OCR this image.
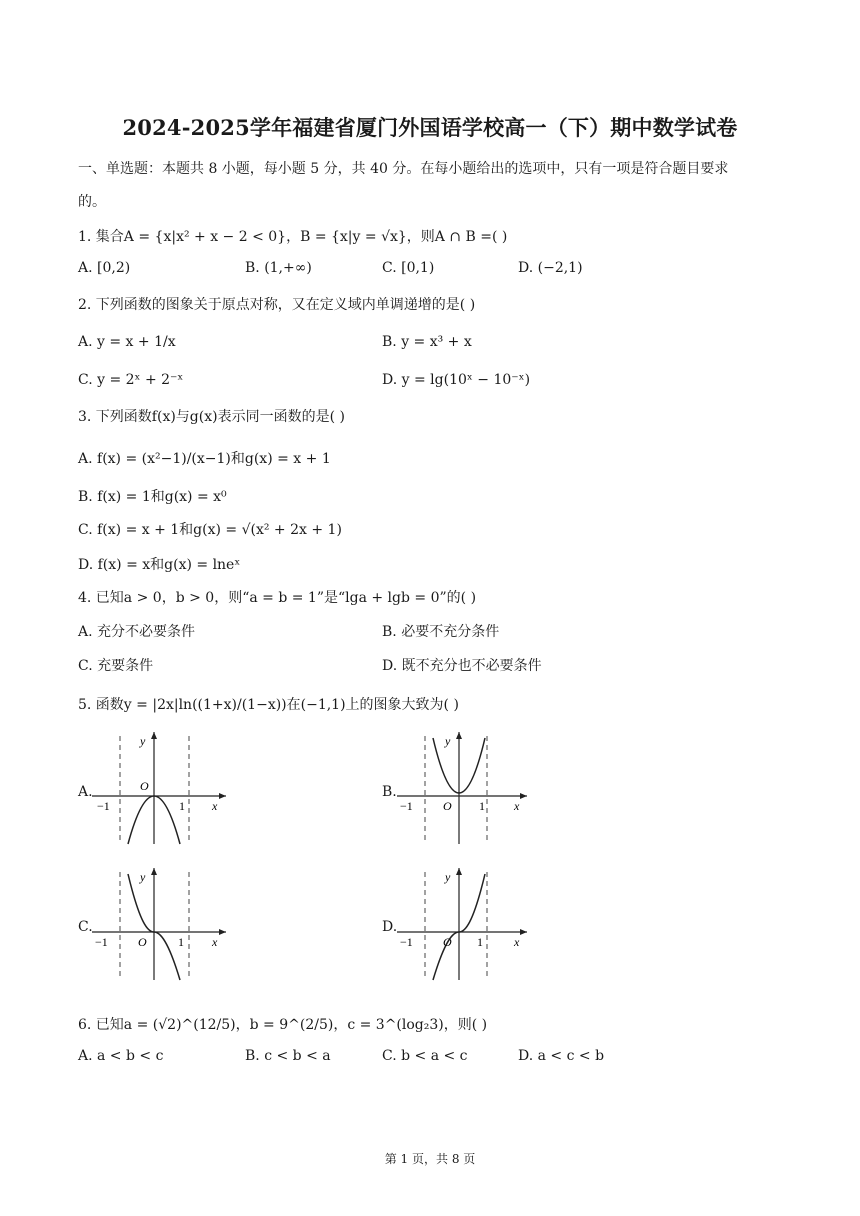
2024-2025学年福建省厦门外国语学校高一（下）期中数学试卷
一、单选题：本题共 8 小题，每小题 5 分，共 40 分。在每小题给出的选项中，只有一项是符合题目要求
的。
1. 集合A = {x|x² + x − 2 < 0}，B = {x|y = √x}，则A ∩ B =( )
A. [0,2)	B. (1,+∞)	C. [0,1)	D. (−2,1)
2. 下列函数的图象关于原点对称，又在定义域内单调递增的是( )
A. y = x + 1/x	B. y = x³ + x
C. y = 2ˣ + 2⁻ˣ	D. y = lg(10ˣ − 10⁻ˣ)
3. 下列函数f(x)与g(x)表示同一函数的是( )
A. f(x) = (x²−1)/(x−1)和g(x) = x + 1
B. f(x) = 1和g(x) = x⁰
C. f(x) = x + 1和g(x) = √(x² + 2x + 1)
D. f(x) = x和g(x) = lneˣ
4. 已知a > 0，b > 0，则“a = b = 1”是“lga + lgb = 0”的( )
A. 充分不必要条件	B. 必要不充分条件
C. 充要条件	D. 既不充分也不必要条件
5. 函数y = |2x|ln((1+x)/(1−x))在(−1,1)上的图象大致为( )
A.
y
O
−1	1 x
B.
y
O
−1	1 x
C.
y
O
−1	1 x
D.
y
O
−1	1	x
6. 已知a = (√2)^(12/5)，b = 9^(2/5)，c = 3^(log₂3)，则( )
A. a < b < c	B. c < b < a	C. b < a < c	D. a < c < b
第 1 页，共 8 页
